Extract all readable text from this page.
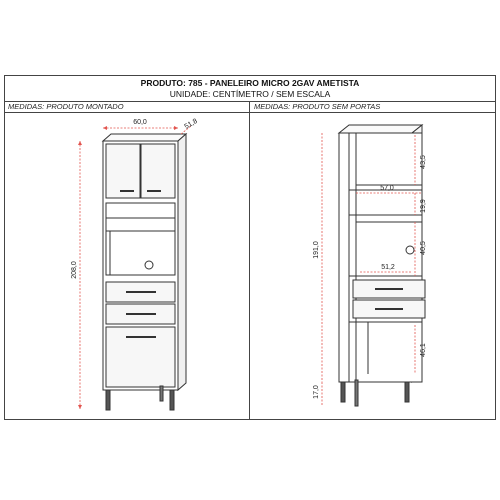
PRODUTO: 785 - PANELEIRO MICRO 2GAV AMETISTA
UNIDADE: CENTÍMETRO / SEM ESCALA
MEDIDAS: PRODUTO MONTADO	MEDIDAS: PRODUTO SEM PORTAS
60,0	51,8
208,0
191,0
17,0
43,5
57,0
19,9
40,5
51,2
46,1
